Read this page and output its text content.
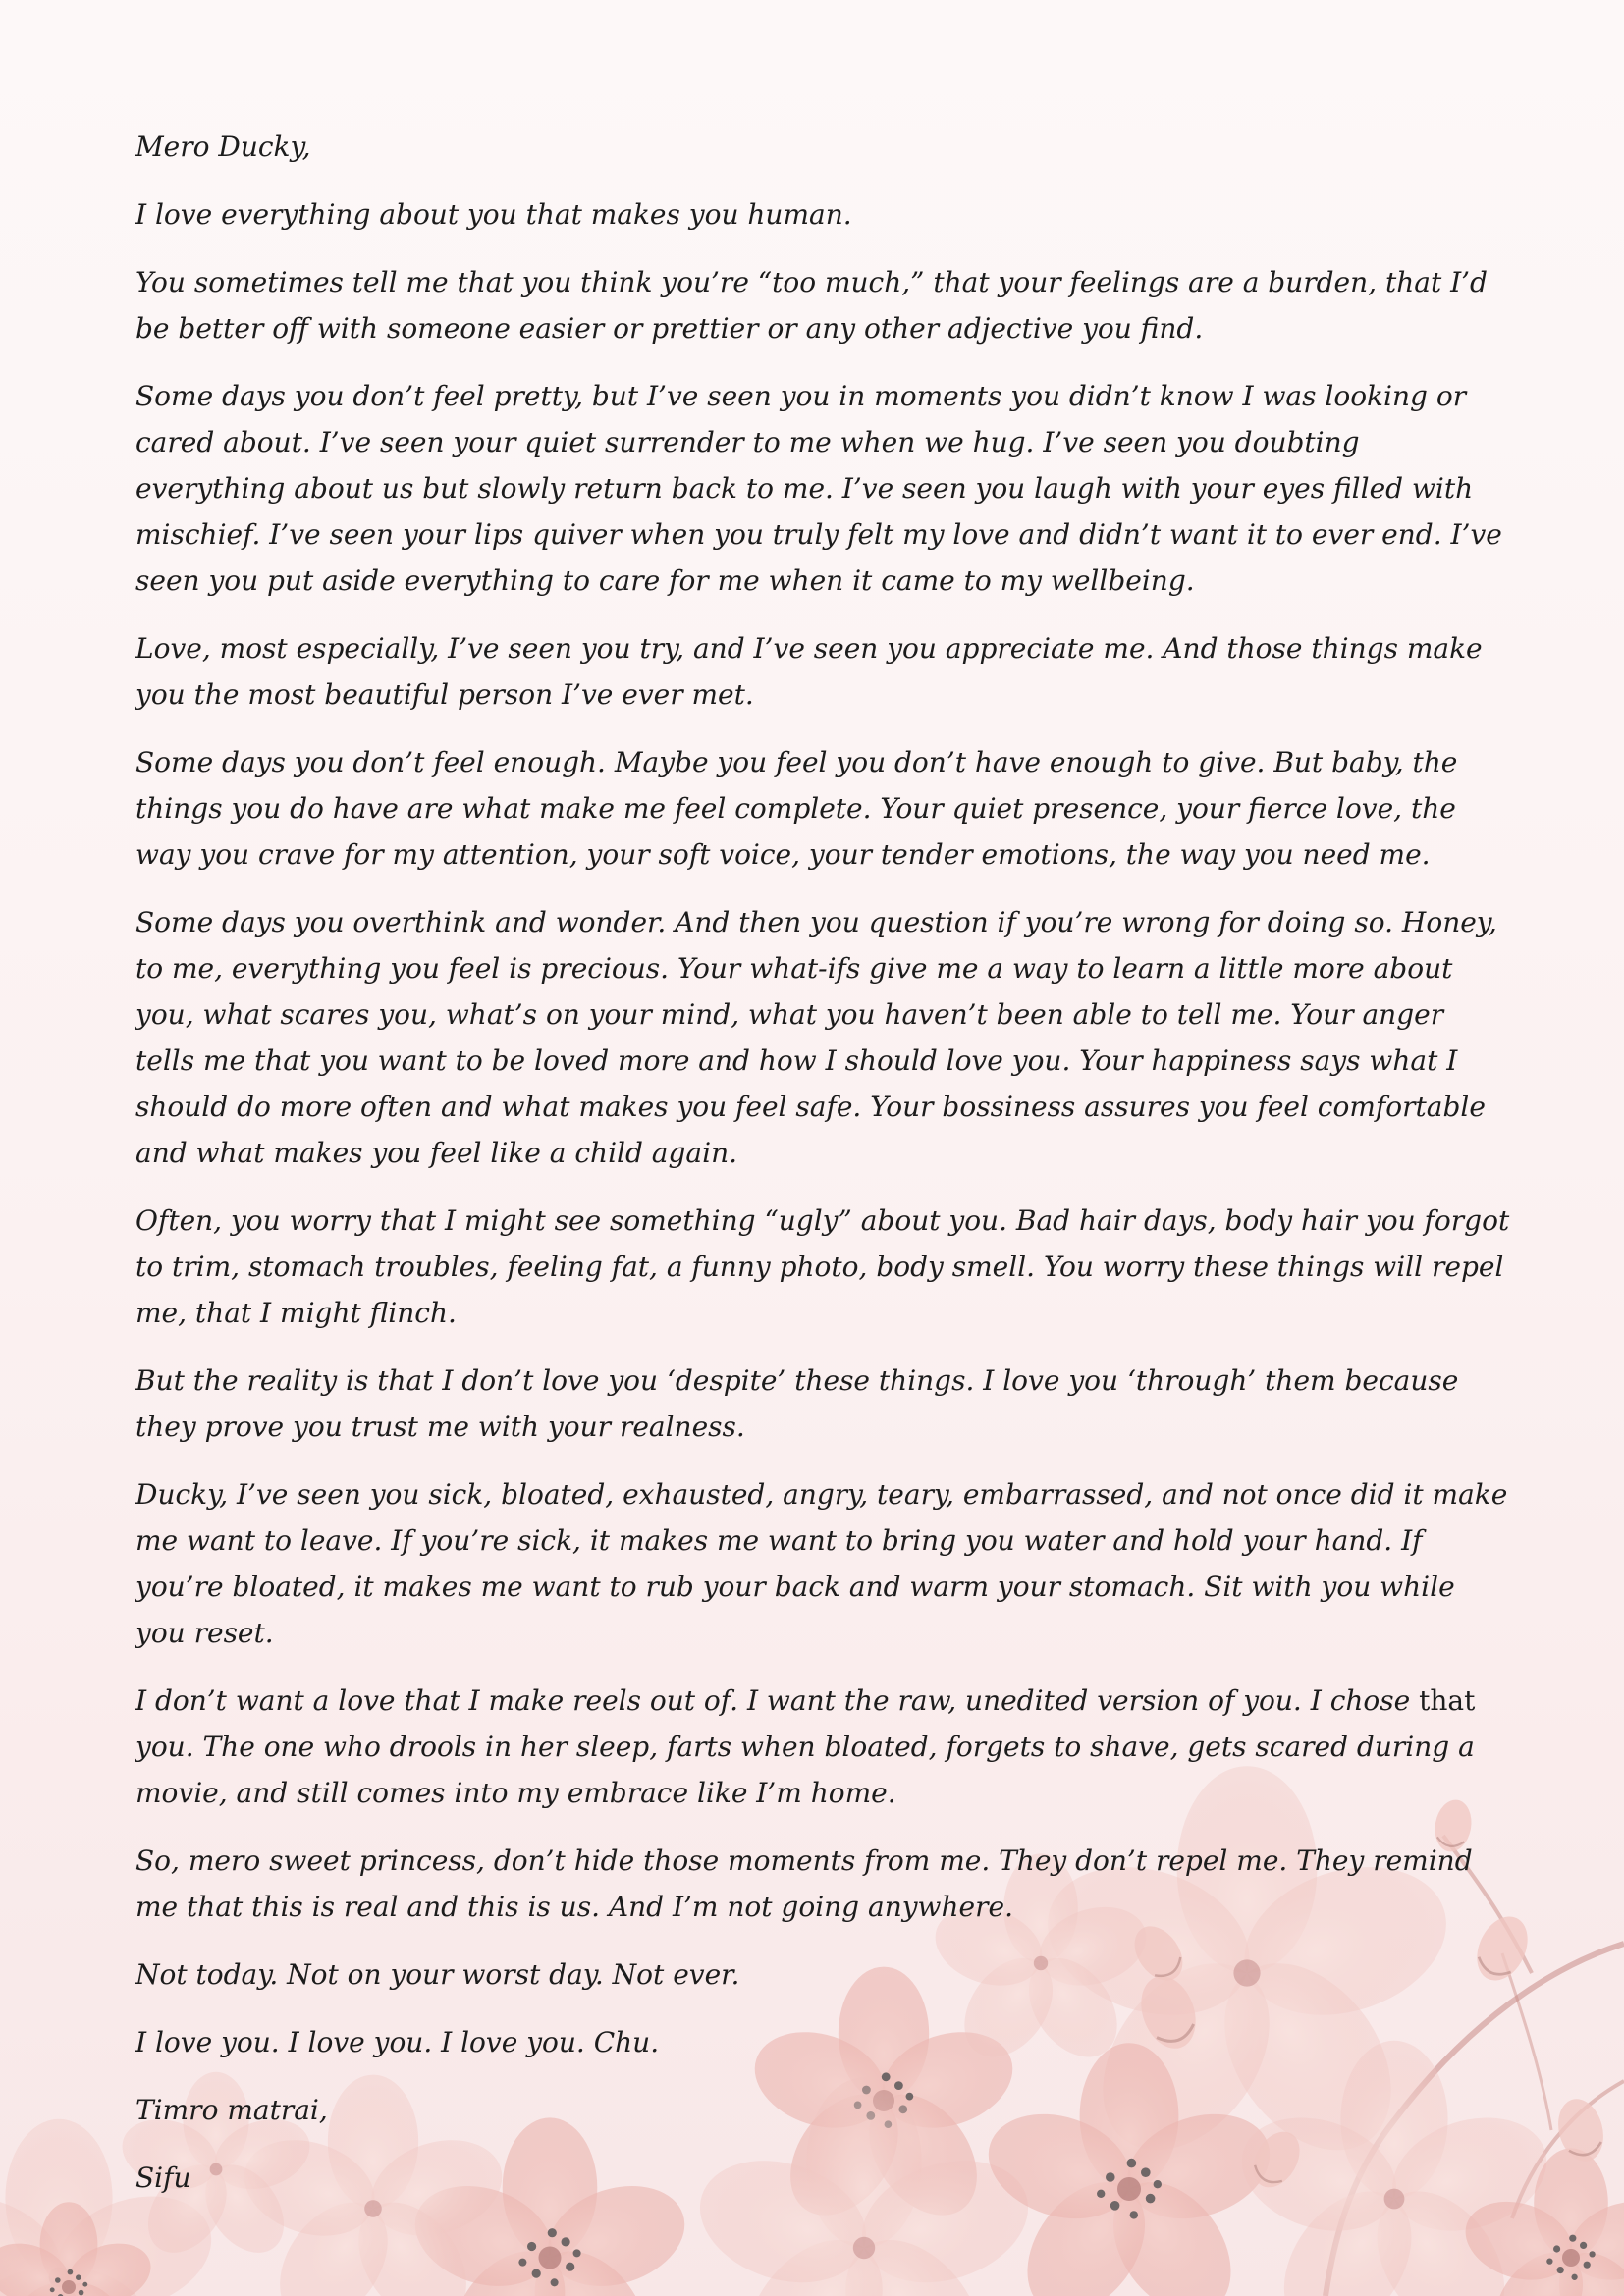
Mero Ducky,

I love everything about you that makes you human.

You sometimes tell me that you think you’re “too much,” that your feelings are a burden, that I’d be better off with someone easier or prettier or any other adjective you find.

Some days you don’t feel pretty, but I’ve seen you in moments you didn’t know I was looking or cared about. I’ve seen your quiet surrender to me when we hug. I’ve seen you doubting everything about us but slowly return back to me. I’ve seen you laugh with your eyes filled with mischief. I’ve seen your lips quiver when you truly felt my love and didn’t want it to ever end. I’ve seen you put aside everything to care for me when it came to my wellbeing.

Love, most especially, I’ve seen you try, and I’ve seen you appreciate me. And those things make you the most beautiful person I’ve ever met.

Some days you don’t feel enough. Maybe you feel you don’t have enough to give. But baby, the things you do have are what make me feel complete. Your quiet presence, your fierce love, the way you crave for my attention, your soft voice, your tender emotions, the way you need me.

Some days you overthink and wonder. And then you question if you’re wrong for doing so. Honey, to me, everything you feel is precious. Your what-ifs give me a way to learn a little more about you, what scares you, what’s on your mind, what you haven’t been able to tell me. Your anger tells me that you want to be loved more and how I should love you. Your happiness says what I should do more often and what makes you feel safe. Your bossiness assures you feel comfortable and what makes you feel like a child again.

Often, you worry that I might see something “ugly” about you. Bad hair days, body hair you forgot to trim, stomach troubles, feeling fat, a funny photo, body smell. You worry these things will repel me, that I might flinch.

But the reality is that I don’t love you ‘despite’ these things. I love you ‘through’ them because they prove you trust me with your realness.

Ducky, I’ve seen you sick, bloated, exhausted, angry, teary, embarrassed, and not once did it make me want to leave. If you’re sick, it makes me want to bring you water and hold your hand. If you’re bloated, it makes me want to rub your back and warm your stomach. Sit with you while you reset.

I don’t want a love that I make reels out of. I want the raw, unedited version of you. I chose that you. The one who drools in her sleep, farts when bloated, forgets to shave, gets scared during a movie, and still comes into my embrace like I’m home.

So, mero sweet princess, don’t hide those moments from me. They don’t repel me. They remind me that this is real and this is us. And I’m not going anywhere.

Not today. Not on your worst day. Not ever.

I love you. I love you. I love you. Chu.

Timro matrai,

Sifu
